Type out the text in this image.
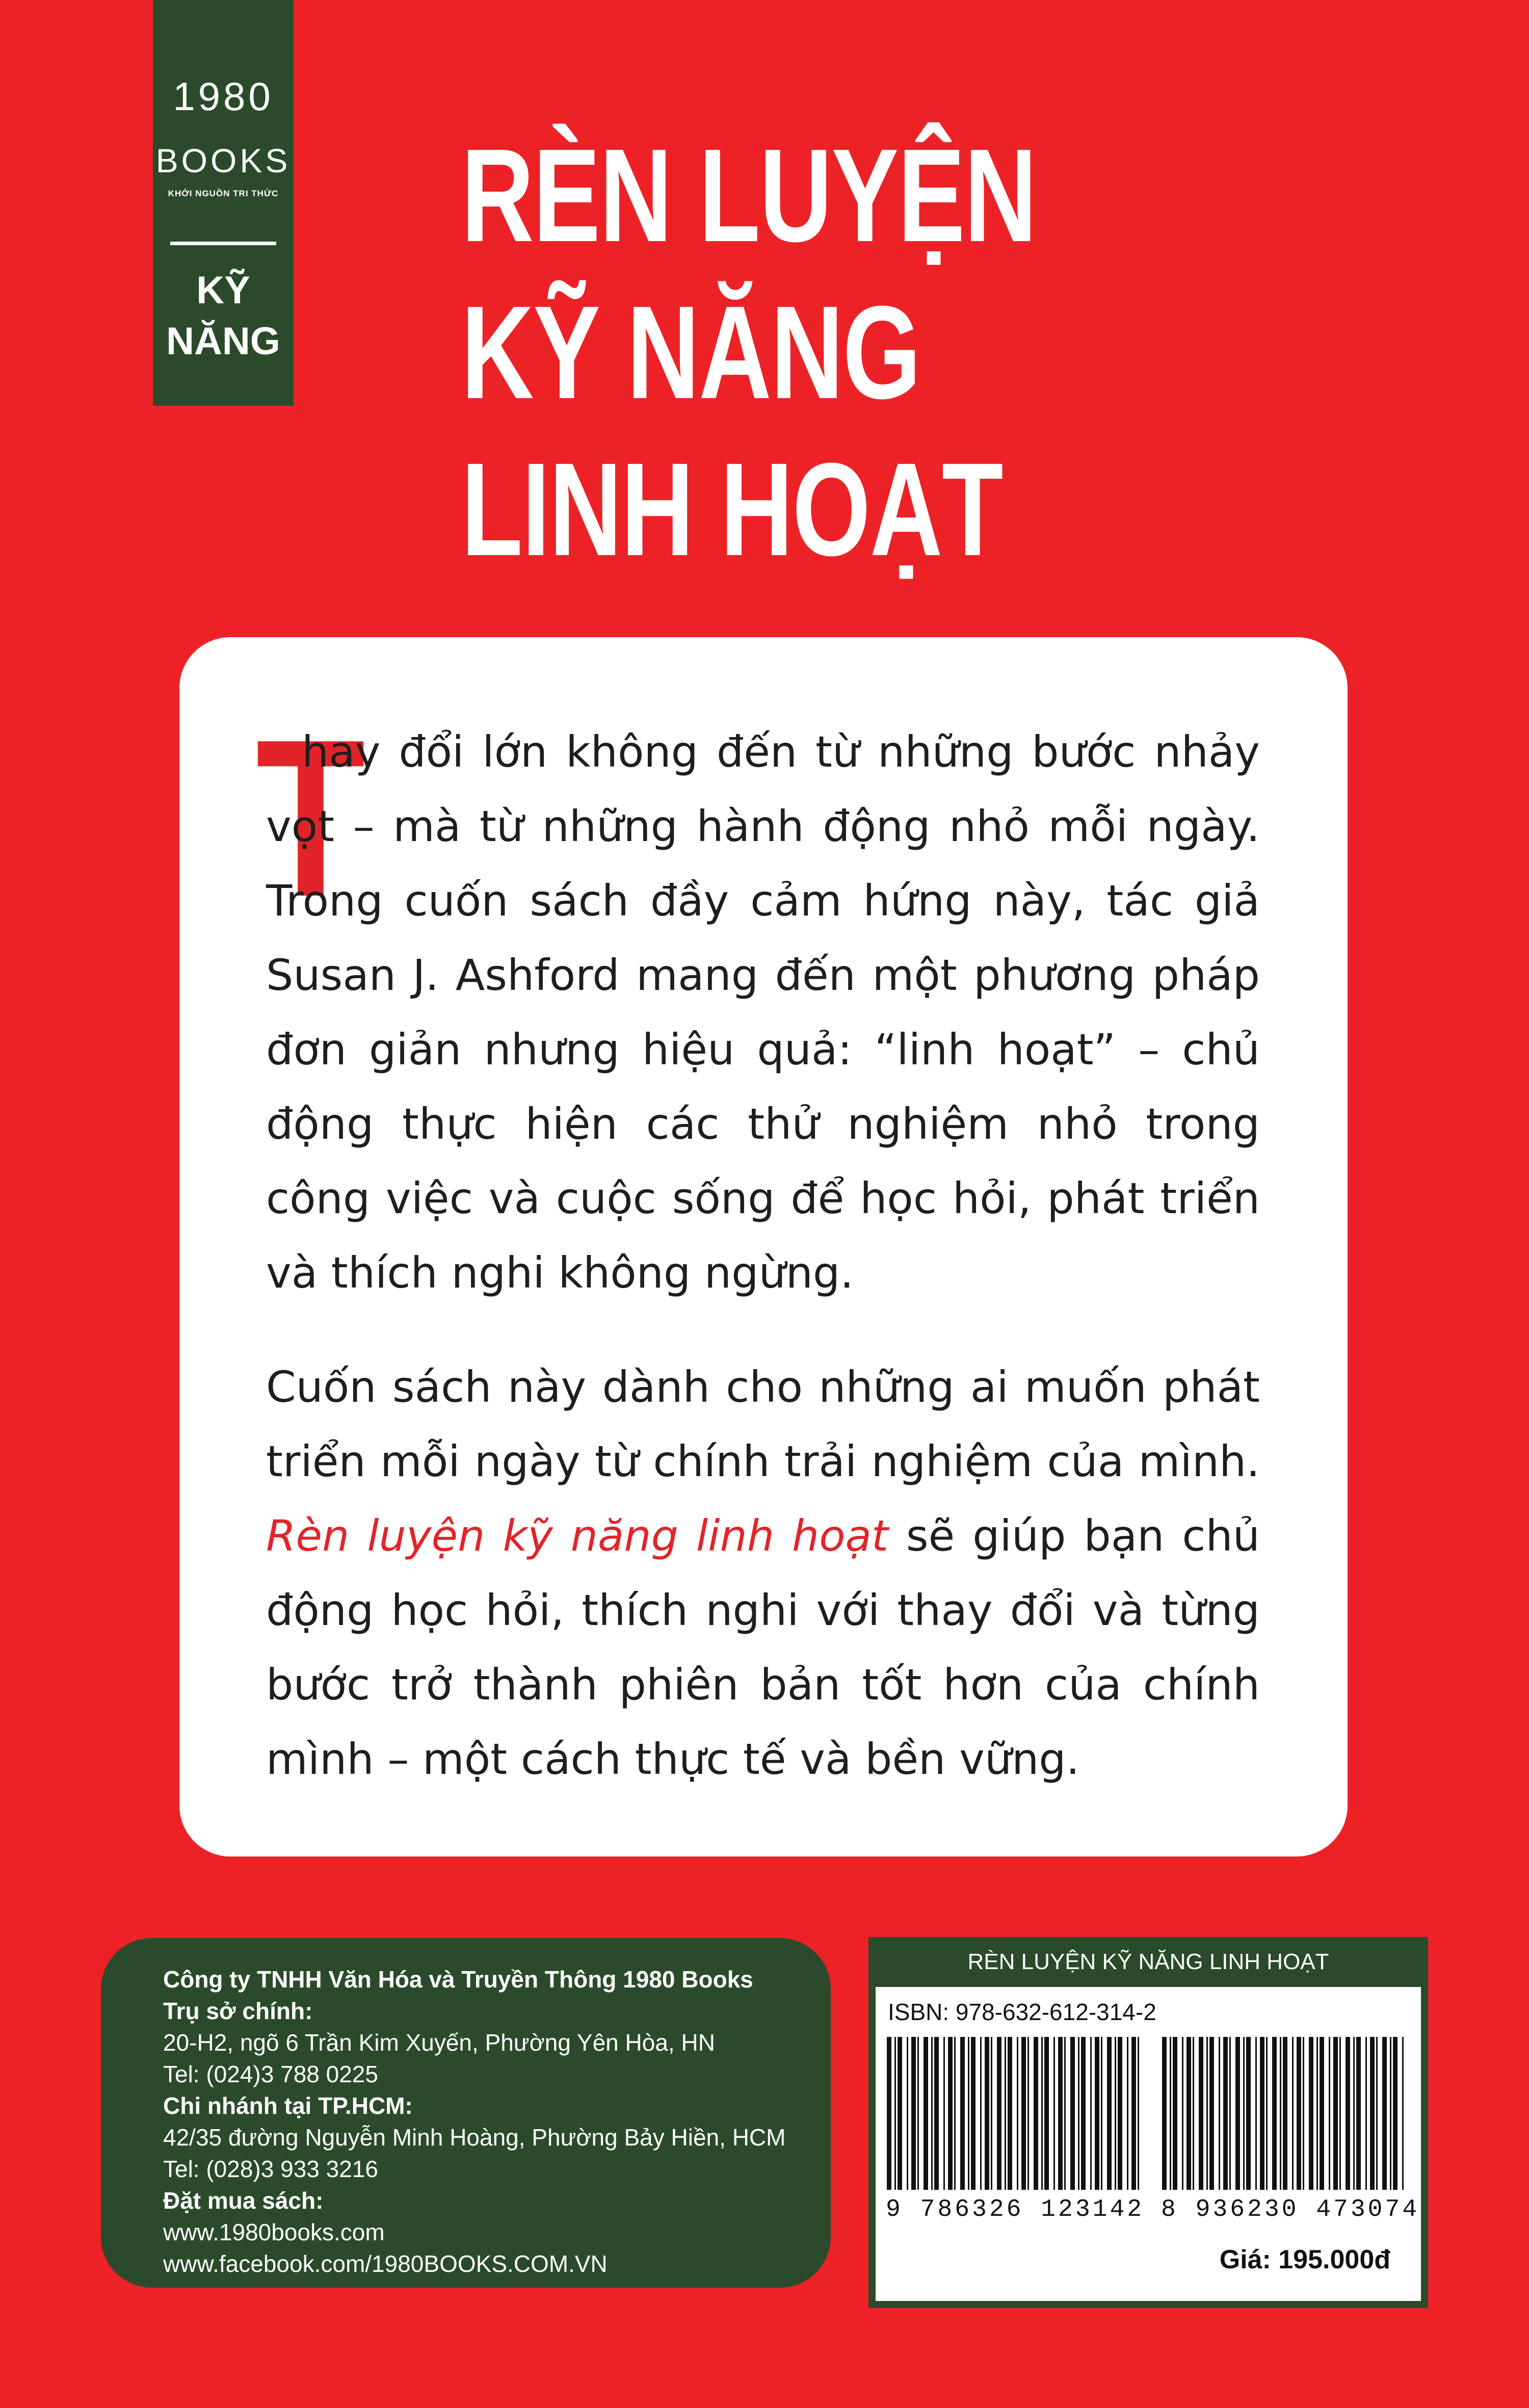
1980
BOOKS
KHỞI NGUỒN TRI THỨC
KỸ
NĂNG
RÈN LUYỆN
KỸ NĂNG
LINH HOẠT
T
hay đổi lớn không đến từ những bước nhảy vọt – mà từ những hành động nhỏ mỗi ngày. Trong cuốn sách đầy cảm hứng này, tác giả Susan J. Ashford mang đến một phương pháp đơn giản nhưng hiệu quả: “linh hoạt” – chủ động thực hiện các thử nghiệm nhỏ trong công việc và cuộc sống để học hỏi, phát triển và thích nghi không ngừng.
Cuốn sách này dành cho những ai muốn phát triển mỗi ngày từ chính trải nghiệm của mình. Rèn luyện kỹ năng linh hoạt sẽ giúp bạn chủ động học hỏi, thích nghi với thay đổi và từng bước trở thành phiên bản tốt hơn của chính mình – một cách thực tế và bền vững.
Công ty TNHH Văn Hóa và Truyền Thông 1980 Books
Trụ sở chính:
20-H2, ngõ 6 Trần Kim Xuyến, Phường Yên Hòa, HN
Tel: (024)3 788 0225
Chi nhánh tại TP.HCM:
42/35 đường Nguyễn Minh Hoàng, Phường Bảy Hiền, HCM
Tel: (028)3 933 3216
Đặt mua sách:
www.1980books.com
www.facebook.com/1980BOOKS.COM.VN
RÈN LUYỆN KỸ NĂNG LINH HOẠT
ISBN: 978-632-612-314-2
9 786326 123142 8 936230 473074
Giá: 195.000đ
